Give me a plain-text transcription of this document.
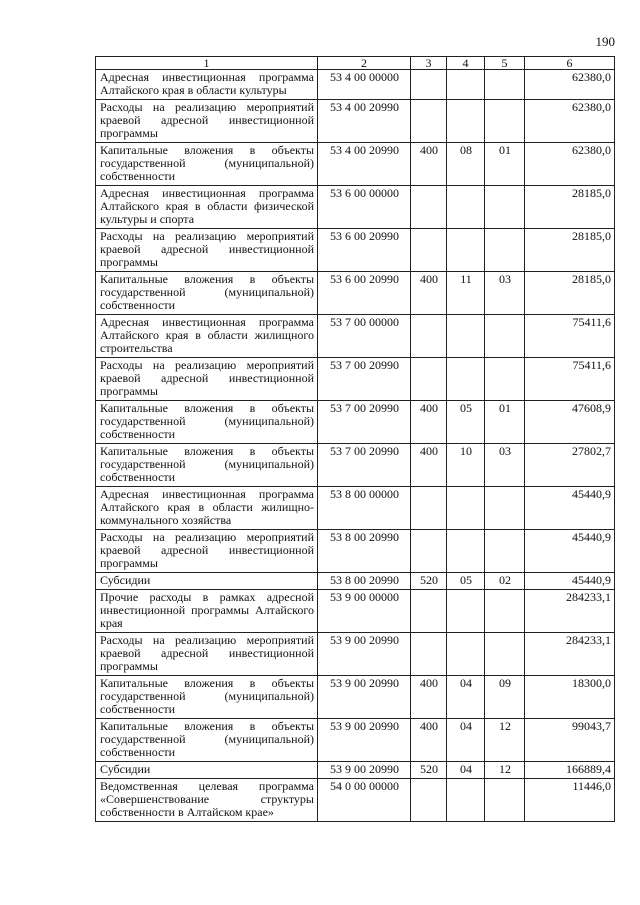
190
1	2	3	4	5	6
Адресная инвестиционная программа Алтайского края в области культуры	53 4 00 00000				62380,0
Расходы на реализацию мероприятий краевой адресной инвестиционной программы	53 4 00 20990				62380,0
Капитальные вложения в объекты государственной (муниципальной) собственности	53 4 00 20990	400	08	01	62380,0
Адресная инвестиционная программа Алтайского края в области физической культуры и спорта	53 6 00 00000				28185,0
Расходы на реализацию мероприятий краевой адресной инвестиционной программы	53 6 00 20990				28185,0
Капитальные вложения в объекты государственной (муниципальной) собственности	53 6 00 20990	400	11	03	28185,0
Адресная инвестиционная программа Алтайского края в области жилищного строительства	53 7 00 00000				75411,6
Расходы на реализацию мероприятий краевой адресной инвестиционной программы	53 7 00 20990				75411,6
Капитальные вложения в объекты государственной (муниципальной) собственности	53 7 00 20990	400	05	01	47608,9
Капитальные вложения в объекты государственной (муниципальной) собственности	53 7 00 20990	400	10	03	27802,7
Адресная инвестиционная программа Алтайского края в области жилищно-коммунального хозяйства	53 8 00 00000				45440,9
Расходы на реализацию мероприятий краевой адресной инвестиционной программы	53 8 00 20990				45440,9
Субсидии	53 8 00 20990	520	05	02	45440,9
Прочие расходы в рамках адресной инвестиционной программы Алтайского края	53 9 00 00000				284233,1
Расходы на реализацию мероприятий краевой адресной инвестиционной программы	53 9 00 20990				284233,1
Капитальные вложения в объекты государственной (муниципальной) собственности	53 9 00 20990	400	04	09	18300,0
Капитальные вложения в объекты государственной (муниципальной) собственности	53 9 00 20990	400	04	12	99043,7
Субсидии	53 9 00 20990	520	04	12	166889,4
Ведомственная целевая программа «Совершенствование структуры собственности в Алтайском крае»	54 0 00 00000				11446,0
